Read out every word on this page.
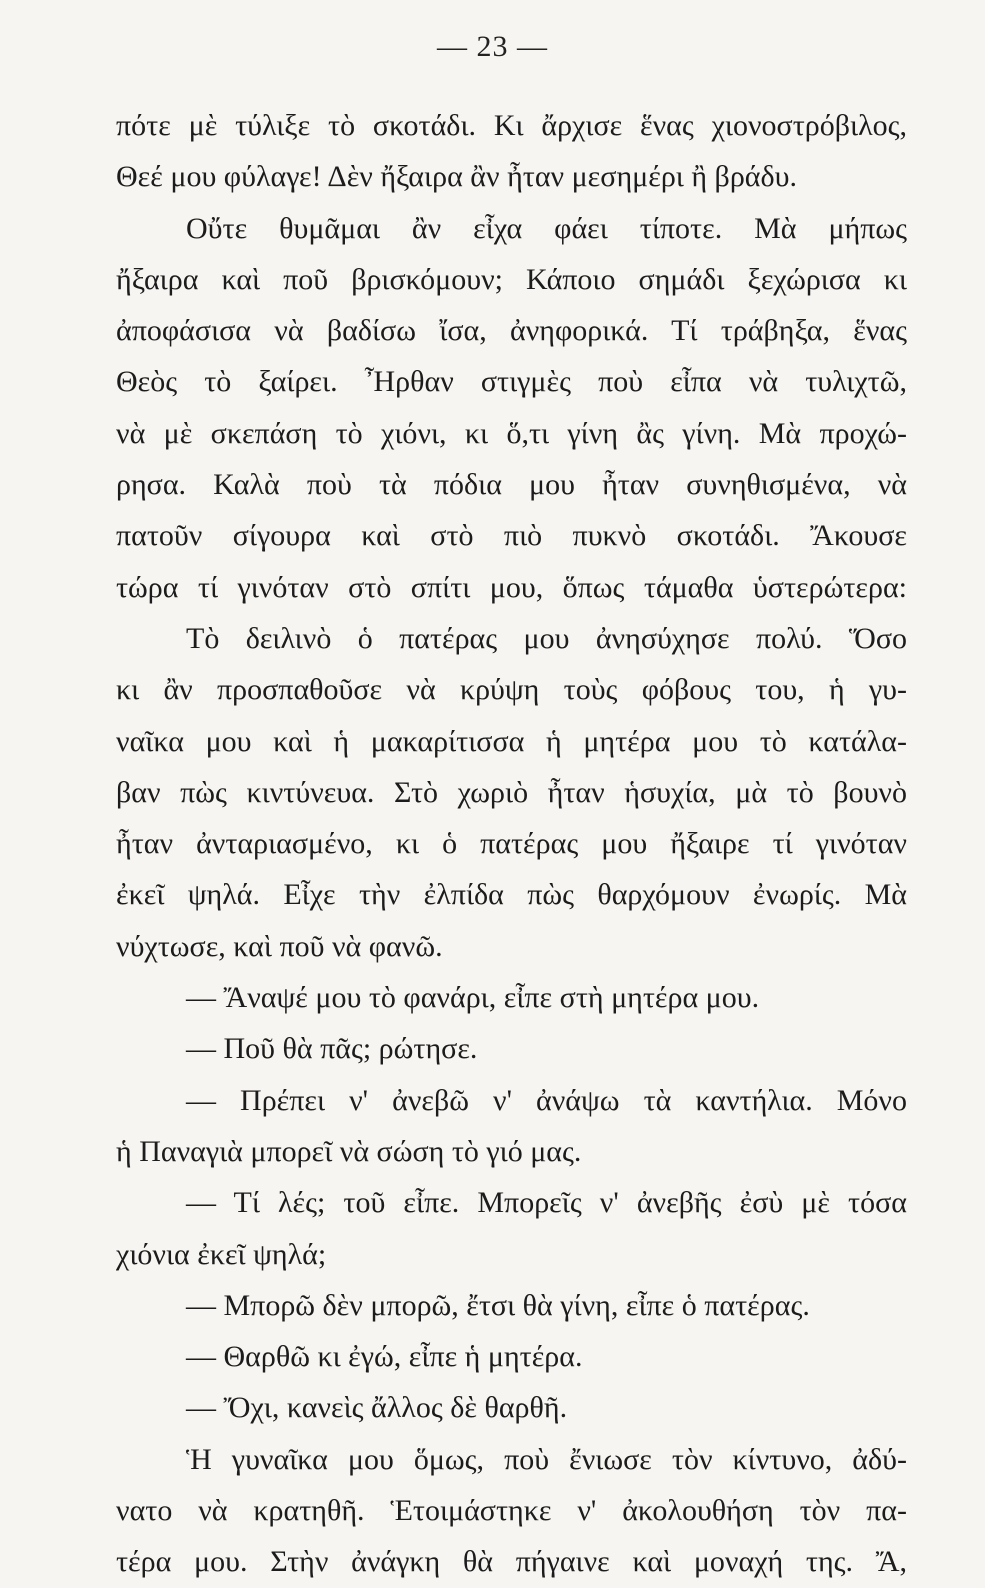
— 23 —
πότε μὲ τύλιξε τὸ σκοτάδι. Κι ἄρχισε ἕνας χιονοστρόβιλος,
Θεέ μου φύλαγε! Δὲν ἤξαιρα ἂν ἦταν μεσημέρι ἢ βράδυ.
Οὔτε θυμᾶμαι ἂν εἶχα φάει τίποτε. Μὰ μήπως
ἤξαιρα καὶ ποῦ βρισκόμουν; Κάποιο σημάδι ξεχώρισα κι
ἀποφάσισα νὰ βαδίσω ἴσα, ἀνηφορικά. Τί τράβηξα, ἕνας
Θεὸς τὸ ξαίρει. Ἦρθαν στιγμὲς ποὺ εἶπα νὰ τυλιχτῶ,
νὰ μὲ σκεπάση τὸ χιόνι, κι ὅ,τι γίνη ἂς γίνη. Μὰ προχώ-
ρησα. Καλὰ ποὺ τὰ πόδια μου ἦταν συνηθισμένα, νὰ
πατοῦν σίγουρα καὶ στὸ πιὸ πυκνὸ σκοτάδι. Ἄκουσε
τώρα τί γινόταν στὸ σπίτι μου, ὅπως τάμαθα ὑστερώτερα:
Τὸ δειλινὸ ὁ πατέρας μου ἀνησύχησε πολύ. Ὅσο
κι ἂν προσπαθοῦσε νὰ κρύψη τοὺς φόβους του, ἡ γυ-
ναῖκα μου καὶ ἡ μακαρίτισσα ἡ μητέρα μου τὸ κατάλα-
βαν πὼς κιντύνευα. Στὸ χωριὸ ἦταν ἡσυχία, μὰ τὸ βουνὸ
ἦταν ἀνταριασμένο, κι ὁ πατέρας μου ἤξαιρε τί γινόταν
ἐκεῖ ψηλά. Εἶχε τὴν ἐλπίδα πὼς θαρχόμουν ἐνωρίς. Μὰ
νύχτωσε, καὶ ποῦ νὰ φανῶ.
— Ἄναψέ μου τὸ φανάρι, εἶπε στὴ μητέρα μου.
— Ποῦ θὰ πᾶς; ρώτησε.
— Πρέπει ν' ἀνεβῶ ν' ἀνάψω τὰ καντήλια. Μόνο
ἡ Παναγιὰ μπορεῖ νὰ σώση τὸ γιό μας.
— Τί λές; τοῦ εἶπε. Μπορεῖς ν' ἀνεβῆς ἐσὺ μὲ τόσα
χιόνια ἐκεῖ ψηλά;
— Μπορῶ δὲν μπορῶ, ἔτσι θὰ γίνη, εἶπε ὁ πατέρας.
— Θαρθῶ κι ἐγώ, εἶπε ἡ μητέρα.
— Ὄχι, κανεὶς ἄλλος δὲ θαρθῆ.
Ἡ γυναῖκα μου ὅμως, ποὺ ἔνιωσε τὸν κίντυνο, ἀδύ-
νατο νὰ κρατηθῆ. Ἑτοιμάστηκε ν' ἀκολουθήση τὸν πα-
τέρα μου. Στὴν ἀνάγκη θὰ πήγαινε καὶ μοναχή της. Ἄ,
